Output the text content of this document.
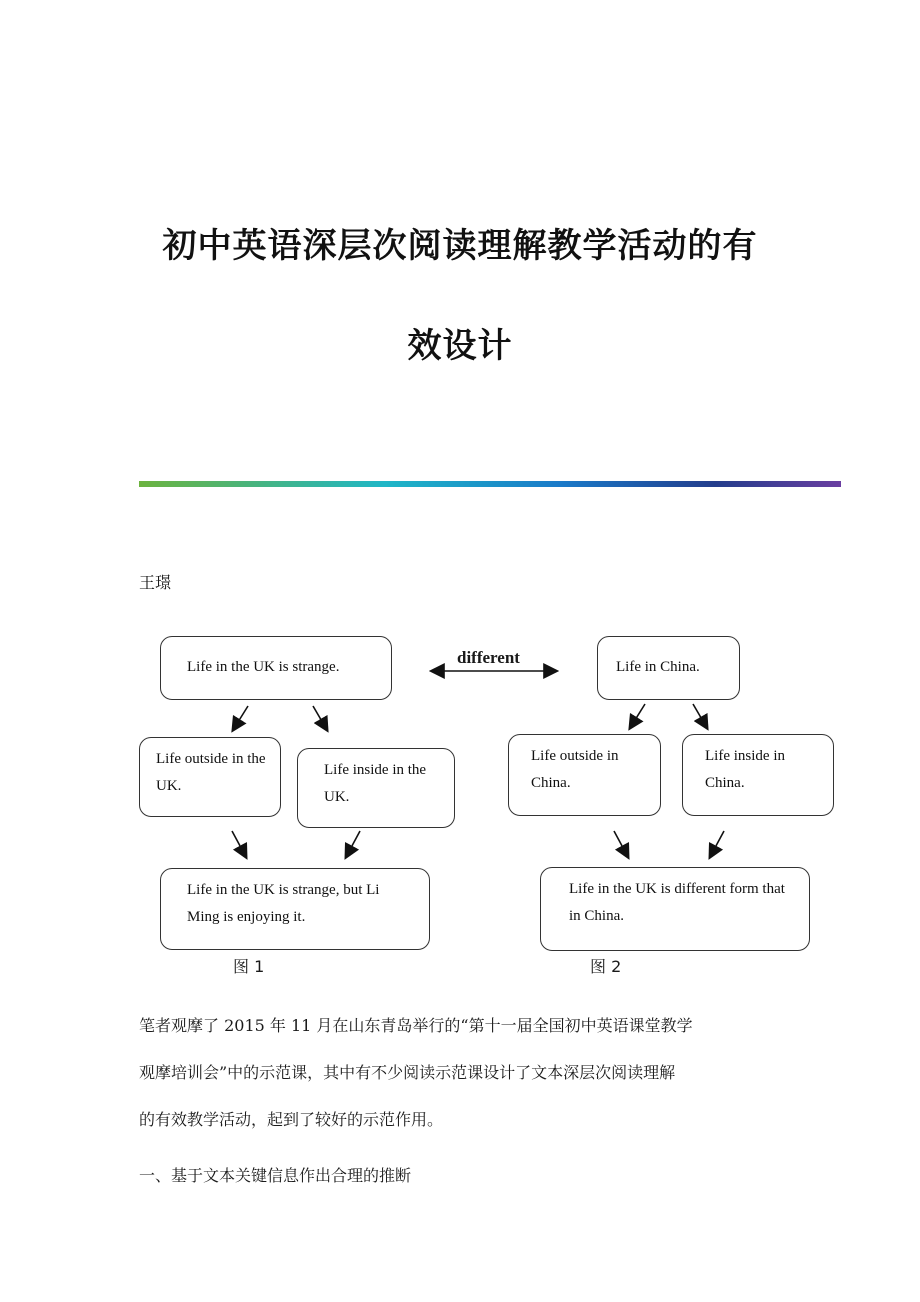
初中英语深层次阅读理解教学活动的有
效设计
王璟
Life in the UK is strange.
Life outside in the UK.
Life inside in the UK.
Life in the UK is strange, but Li Ming is enjoying it.
different	Life in China.
Life outside in China.
Life inside in China.
Life in the UK is different form that in China.
图 1	图 2
笔者观摩了 2015 年 11 月在山东青岛举行的“第十一届全国初中英语课堂教学
观摩培训会”中的示范课，其中有不少阅读示范课设计了文本深层次阅读理解
的有效教学活动，起到了较好的示范作用。
一、基于文本关键信息作出合理的推断
